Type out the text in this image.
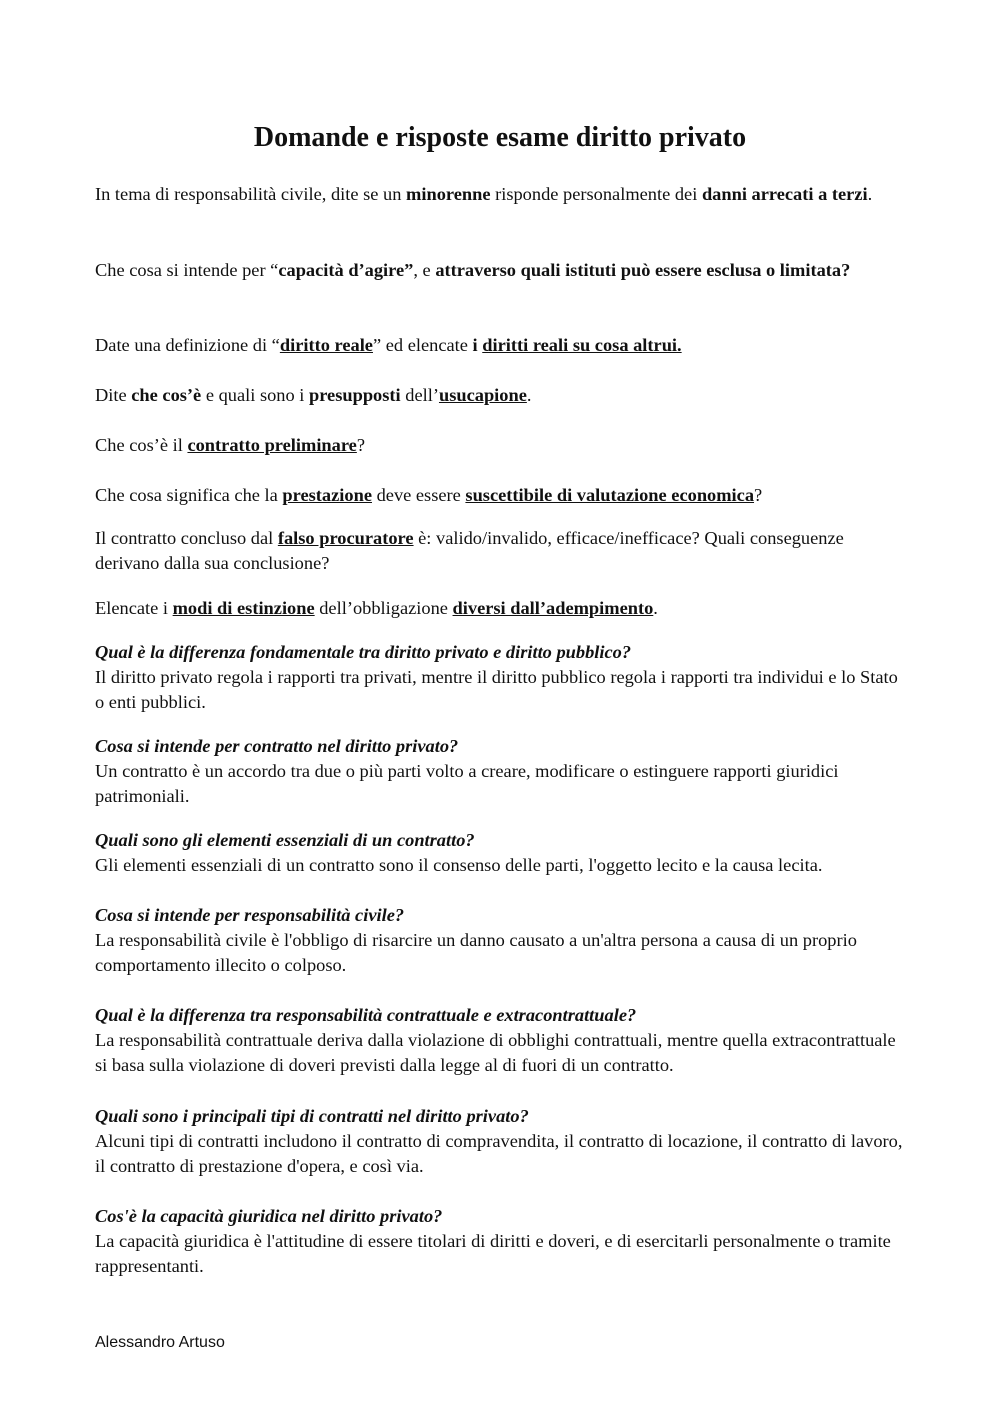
Domande e risposte esame diritto privato

In tema di responsabilità civile, dite se un minorenne risponde personalmente dei danni arrecati a terzi.

Che cosa si intende per “capacità d’agire”, e attraverso quali istituti può essere esclusa o limitata?

Date una definizione di “diritto reale” ed elencate i diritti reali su cosa altrui.

Dite che cos’è e quali sono i presupposti dell’usucapione.

Che cos’è il contratto preliminare?

Che cosa significa che la prestazione deve essere suscettibile di valutazione economica?

Il contratto concluso dal falso procuratore è: valido/invalido, efficace/inefficace? Quali conseguenze derivano dalla sua conclusione?

Elencate i modi di estinzione dell’obbligazione diversi dall’adempimento.

Qual è la differenza fondamentale tra diritto privato e diritto pubblico?

Il diritto privato regola i rapporti tra privati, mentre il diritto pubblico regola i rapporti tra individui e lo Stato o enti pubblici.

Cosa si intende per contratto nel diritto privato?

Un contratto è un accordo tra due o più parti volto a creare, modificare o estinguere rapporti giuridici patrimoniali.

Quali sono gli elementi essenziali di un contratto?

Gli elementi essenziali di un contratto sono il consenso delle parti, l'oggetto lecito e la causa lecita.

Cosa si intende per responsabilità civile?

La responsabilità civile è l'obbligo di risarcire un danno causato a un'altra persona a causa di un proprio comportamento illecito o colposo.

Qual è la differenza tra responsabilità contrattuale e extracontrattuale?

La responsabilità contrattuale deriva dalla violazione di obblighi contrattuali, mentre quella extracontrattuale si basa sulla violazione di doveri previsti dalla legge al di fuori di un contratto.

Quali sono i principali tipi di contratti nel diritto privato?

Alcuni tipi di contratti includono il contratto di compravendita, il contratto di locazione, il contratto di lavoro, il contratto di prestazione d'opera, e così via.

Cos'è la capacità giuridica nel diritto privato?

La capacità giuridica è l'attitudine di essere titolari di diritti e doveri, e di esercitarli personalmente o tramite rappresentanti.

Alessandro Artuso
